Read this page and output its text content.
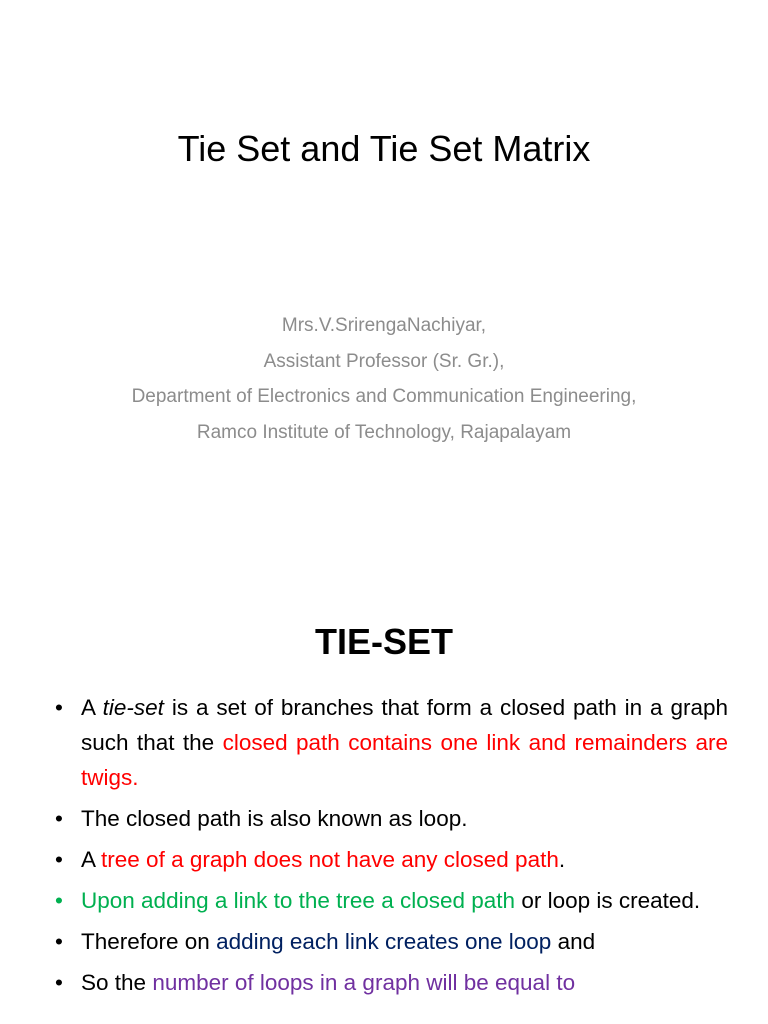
Tie Set and Tie Set Matrix
Mrs.V.SrirengaNachiyar,
Assistant Professor (Sr. Gr.),
Department of Electronics and Communication Engineering,
Ramco Institute of Technology, Rajapalayam
TIE-SET
• A tie-set is a set of branches that form a closed path in a graph such that the closed path contains one link and remainders are twigs.
• The closed path is also known as loop.
• A tree of a graph does not have any closed path.
• Upon adding a link to the tree a closed path or loop is created.
• Therefore on adding each link creates one loop and
• So the number of loops in a graph will be equal to
